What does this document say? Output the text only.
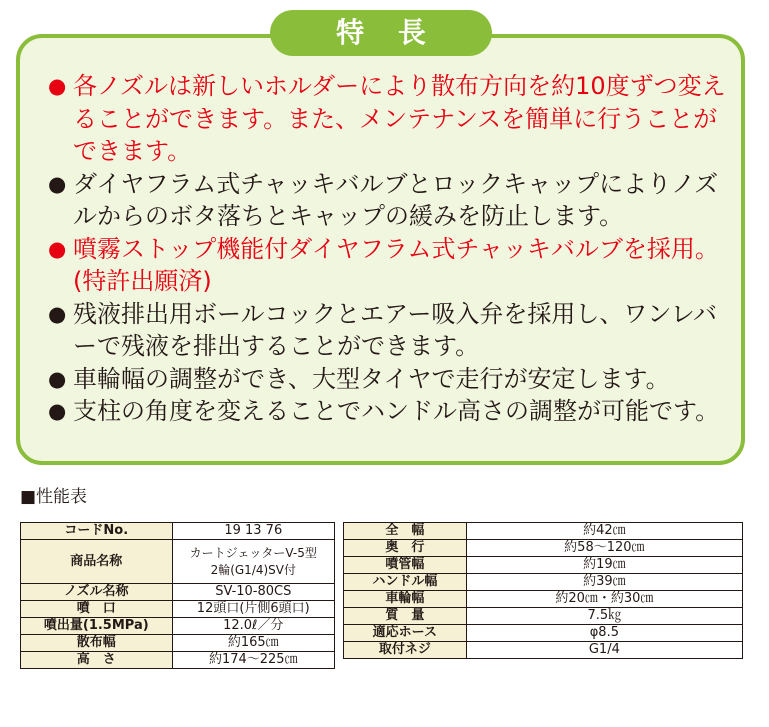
特 長
● 各ノズルは新しいホルダーにより散布方向を約10度ずつ変えることができます。また、メンテナンスを簡単に行うことができます。
● ダイヤフラム式チャッキバルブとロックキャップによりノズルからのボタ落ちとキャップの緩みを防止します。
● 噴霧ストップ機能付ダイヤフラム式チャッキバルブを採用。(特許出願済)
● 残液排出用ボールコックとエアー吸入弁を採用し、ワンレバーで残液を排出することができます。
● 車輪幅の調整ができ、大型タイヤで走行が安定します。
● 支柱の角度を変えることでハンドル高さの調整が可能です。
■性能表
コードNo.	19 13 76
商品名称	カートジェッターV-5型
2輪(G1/4)SV付
ノズル名称	SV-10-80CS
噴　口	12頭口(片側6頭口)
噴出量(1.5MPa)	12.0ℓ／分
散布幅	約165㎝
高　さ	約174～225㎝
全　幅	約42㎝
奥　行	約58～120㎝
噴管幅	約19㎝
ハンドル幅	約39㎝
車輪幅	約20㎝・約30㎝
質　量	7.5㎏
適応ホース	φ8.5
取付ネジ	G1/4
